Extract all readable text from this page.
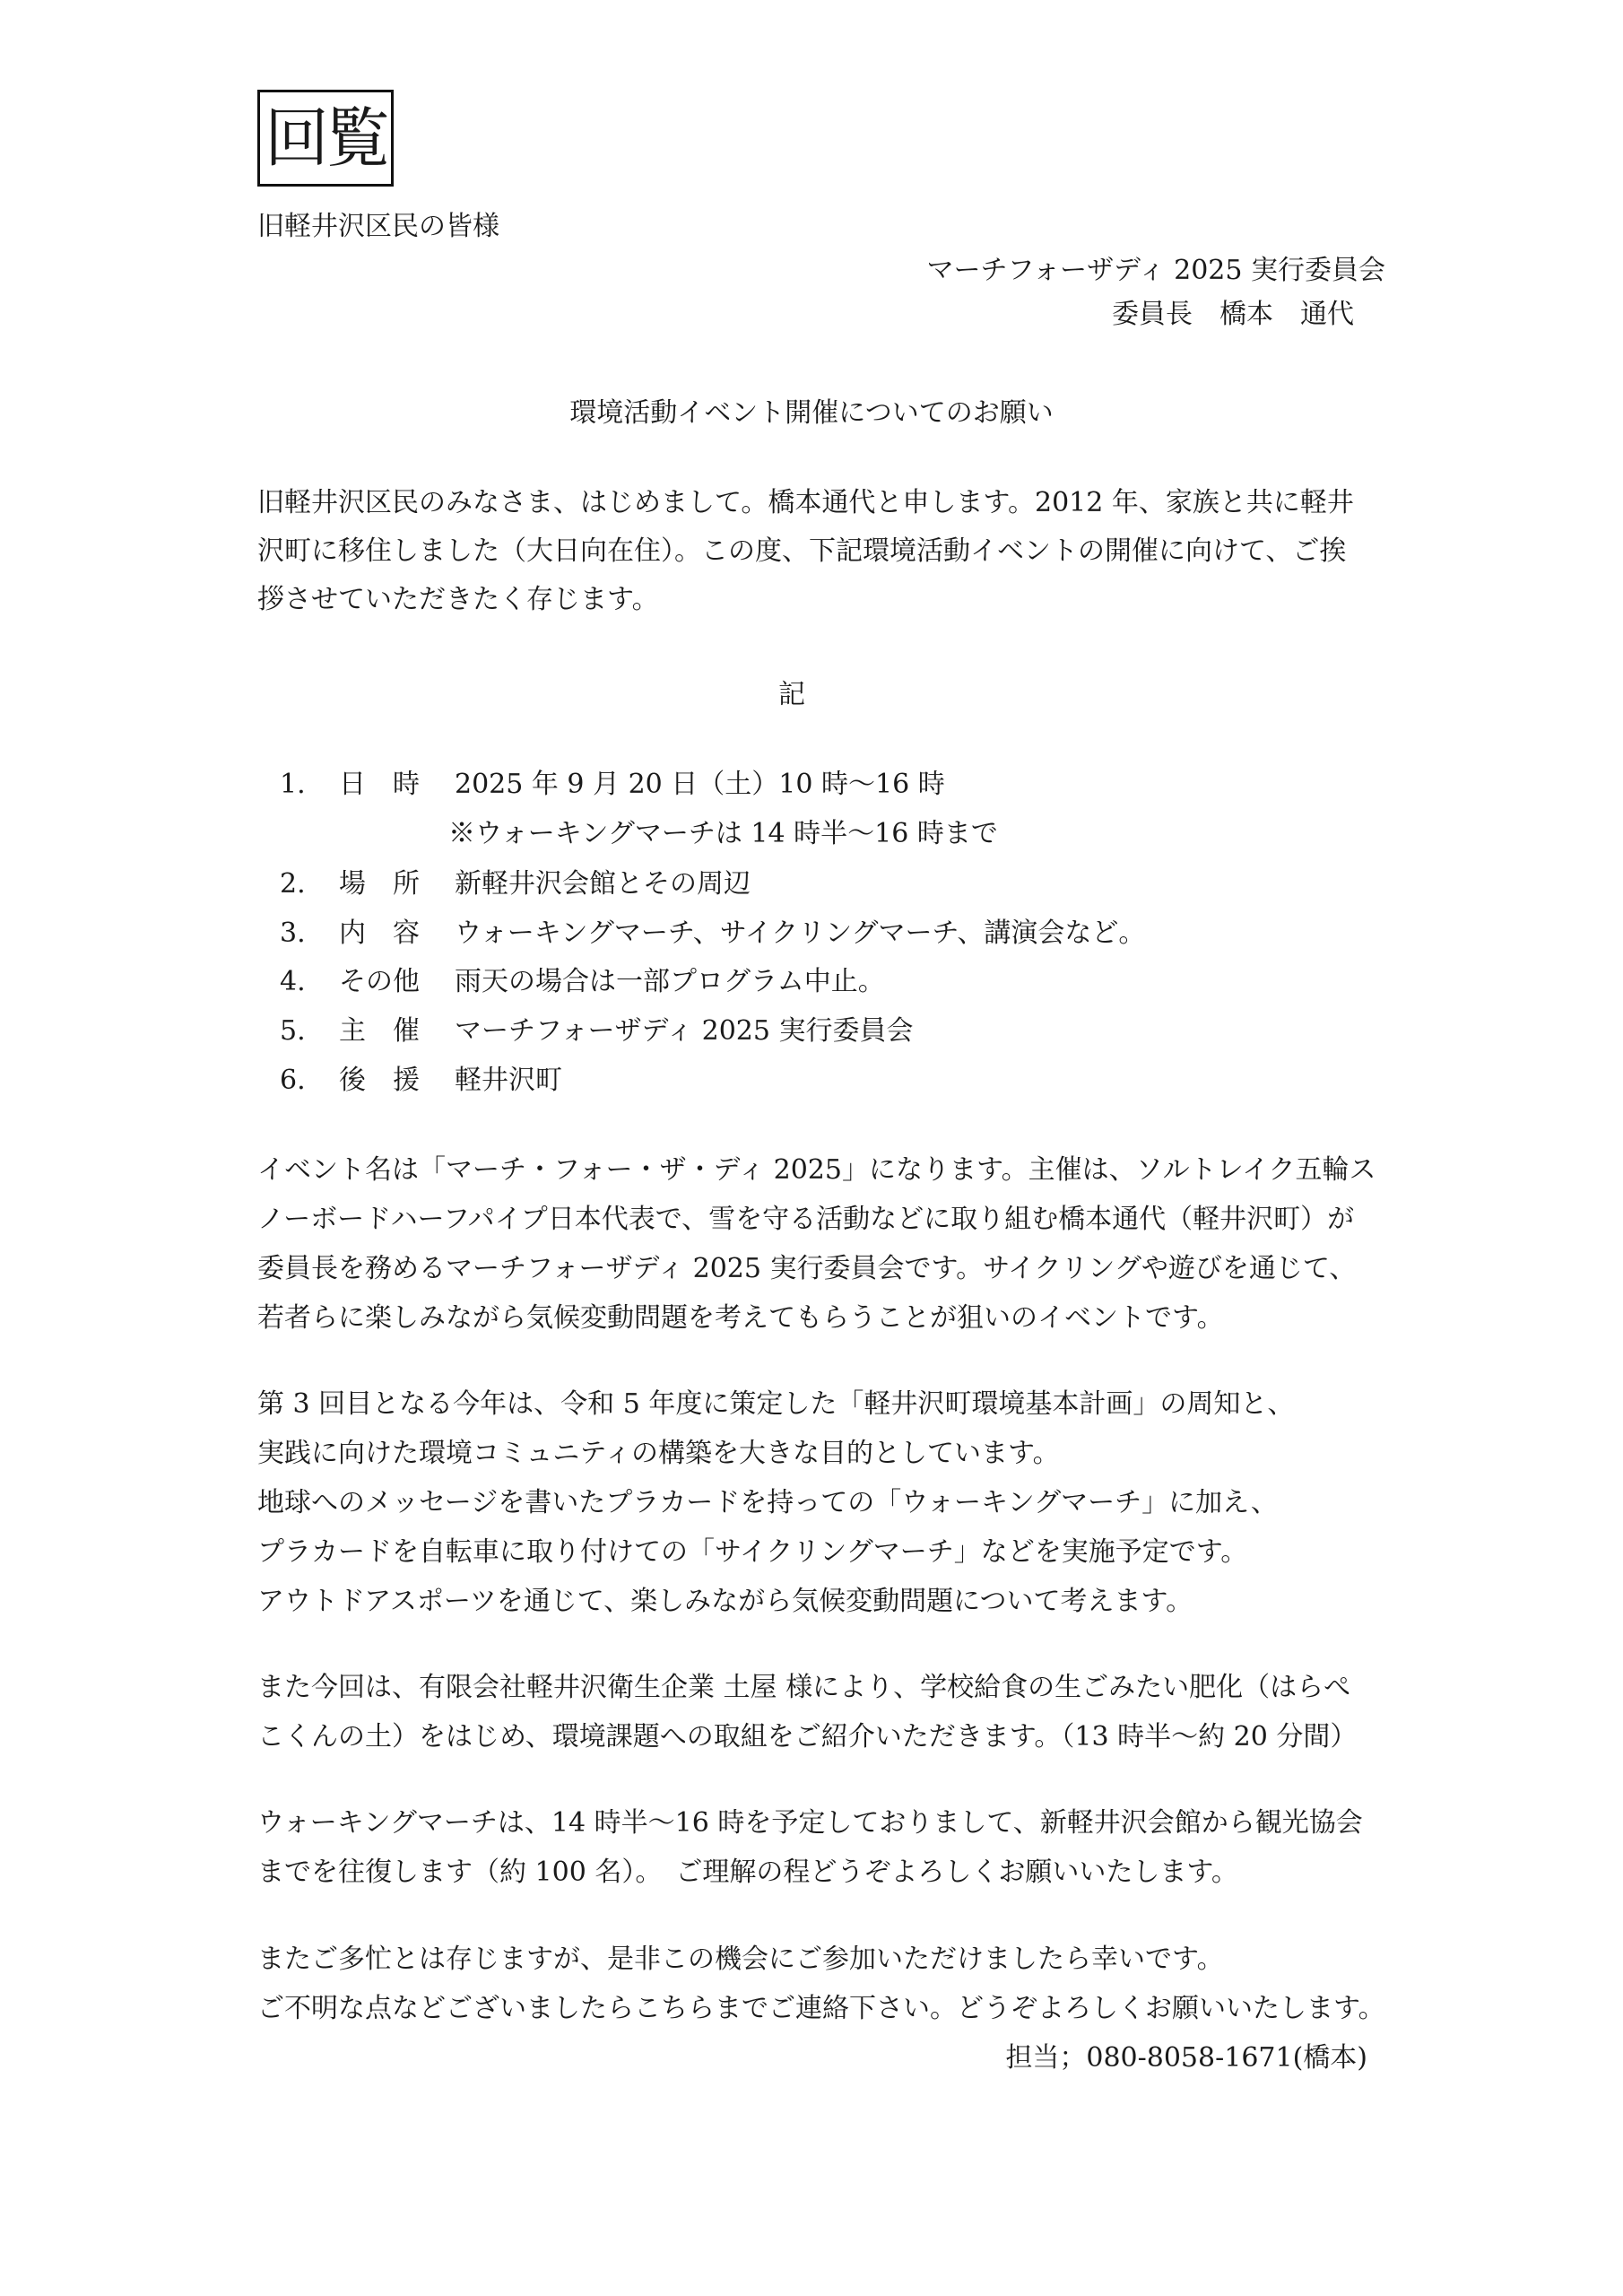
回覧
旧軽井沢区民の皆様
マーチフォーザディ 2025 実行委員会
委員長　橋本　通代
環境活動イベント開催についてのお願い
旧軽井沢区民のみなさま、はじめまして。橋本通代と申します。2012 年、家族と共に軽井
沢町に移住しました（大日向在住）。この度、下記環境活動イベントの開催に向けて、ご挨
拶させていただきたく存じます。
記
1. 日　時	2025 年 9 月 20 日（土）10 時～16 時
※ウォーキングマーチは 14 時半～16 時まで
2. 場　所	新軽井沢会館とその周辺
3. 内　容	ウォーキングマーチ、サイクリングマーチ、講演会など。
4. その他	雨天の場合は一部プログラム中止。
5. 主　催	マーチフォーザディ 2025 実行委員会
6. 後　援	軽井沢町
イベント名は「マーチ・フォー・ザ・ディ 2025」になります。主催は、ソルトレイク五輪ス
ノーボードハーフパイプ日本代表で、雪を守る活動などに取り組む橋本通代（軽井沢町）が
委員長を務めるマーチフォーザディ 2025 実行委員会です。サイクリングや遊びを通じて、
若者らに楽しみながら気候変動問題を考えてもらうことが狙いのイベントです。
第 3 回目となる今年は、令和 5 年度に策定した「軽井沢町環境基本計画」の周知と、
実践に向けた環境コミュニティの構築を大きな目的としています。
地球へのメッセージを書いたプラカードを持っての「ウォーキングマーチ」に加え、
プラカードを自転車に取り付けての「サイクリングマーチ」などを実施予定です。
アウトドアスポーツを通じて、楽しみながら気候変動問題について考えます。
また今回は、有限会社軽井沢衛生企業 土屋 様により、学校給食の生ごみたい肥化（はらぺ
こくんの土）をはじめ、環境課題への取組をご紹介いただきます。（13 時半～約 20 分間）
ウォーキングマーチは、14 時半～16 時を予定しておりまして、新軽井沢会館から観光協会
までを往復します（約 100 名）。　ご理解の程どうぞよろしくお願いいたします。
またご多忙とは存じますが、是非この機会にご参加いただけましたら幸いです。
ご不明な点などございましたらこちらまでご連絡下さい。どうぞよろしくお願いいたします。
担当；080-8058-1671(橋本)
